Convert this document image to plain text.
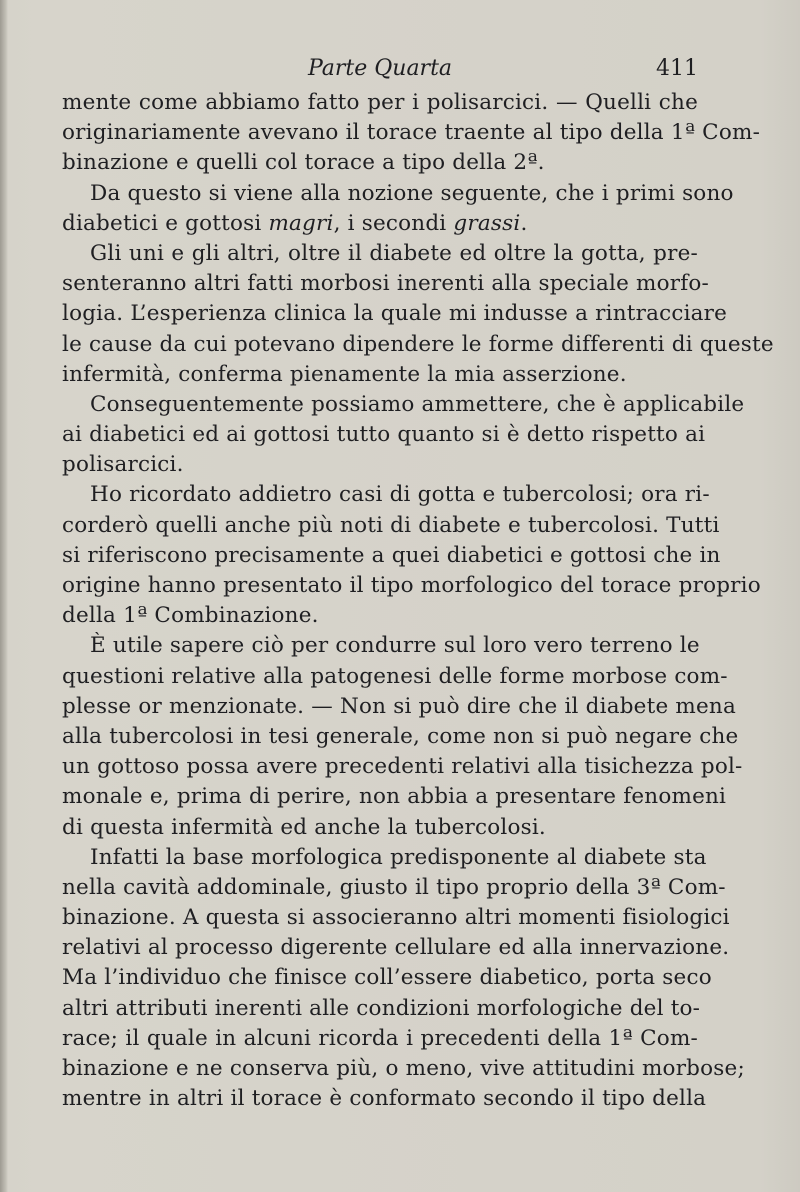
Parte Quarta	411
mente come abbiamo fatto per i polisarcici. — Quelli che
originariamente avevano il torace traente al tipo della 1ª Com-
binazione e quelli col torace a tipo della 2ª.
Da questo si viene alla nozione seguente, che i primi sono
diabetici e gottosi magri, i secondi grassi.
Gli uni e gli altri, oltre il diabete ed oltre la gotta, pre-
senteranno altri fatti morbosi inerenti alla speciale morfo-
logia. L’esperienza clinica la quale mi indusse a rintracciare
le cause da cui potevano dipendere le forme differenti di queste
infermità, conferma pienamente la mia asserzione.
Conseguentemente possiamo ammettere, che è applicabile
ai diabetici ed ai gottosi tutto quanto si è detto rispetto ai
polisarcici.
Ho ricordato addietro casi di gotta e tubercolosi; ora ri-
corderò quelli anche più noti di diabete e tubercolosi. Tutti
si riferiscono precisamente a quei diabetici e gottosi che in
origine hanno presentato il tipo morfologico del torace proprio
della 1ª Combinazione.
È utile sapere ciò per condurre sul loro vero terreno le
questioni relative alla patogenesi delle forme morbose com-
plesse or menzionate. — Non si può dire che il diabete mena
alla tubercolosi in tesi generale, come non si può negare che
un gottoso possa avere precedenti relativi alla tisichezza pol-
monale e, prima di perire, non abbia a presentare fenomeni
di questa infermità ed anche la tubercolosi.
Infatti la base morfologica predisponente al diabete sta
nella cavità addominale, giusto il tipo proprio della 3ª Com-
binazione. A questa si associeranno altri momenti fisiologici
relativi al processo digerente cellulare ed alla innervazione.
Ma l’individuo che finisce coll’essere diabetico, porta seco
altri attributi inerenti alle condizioni morfologiche del to-
race; il quale in alcuni ricorda i precedenti della 1ª Com-
binazione e ne conserva più, o meno, vive attitudini morbose;
mentre in altri il torace è conformato secondo il tipo della
